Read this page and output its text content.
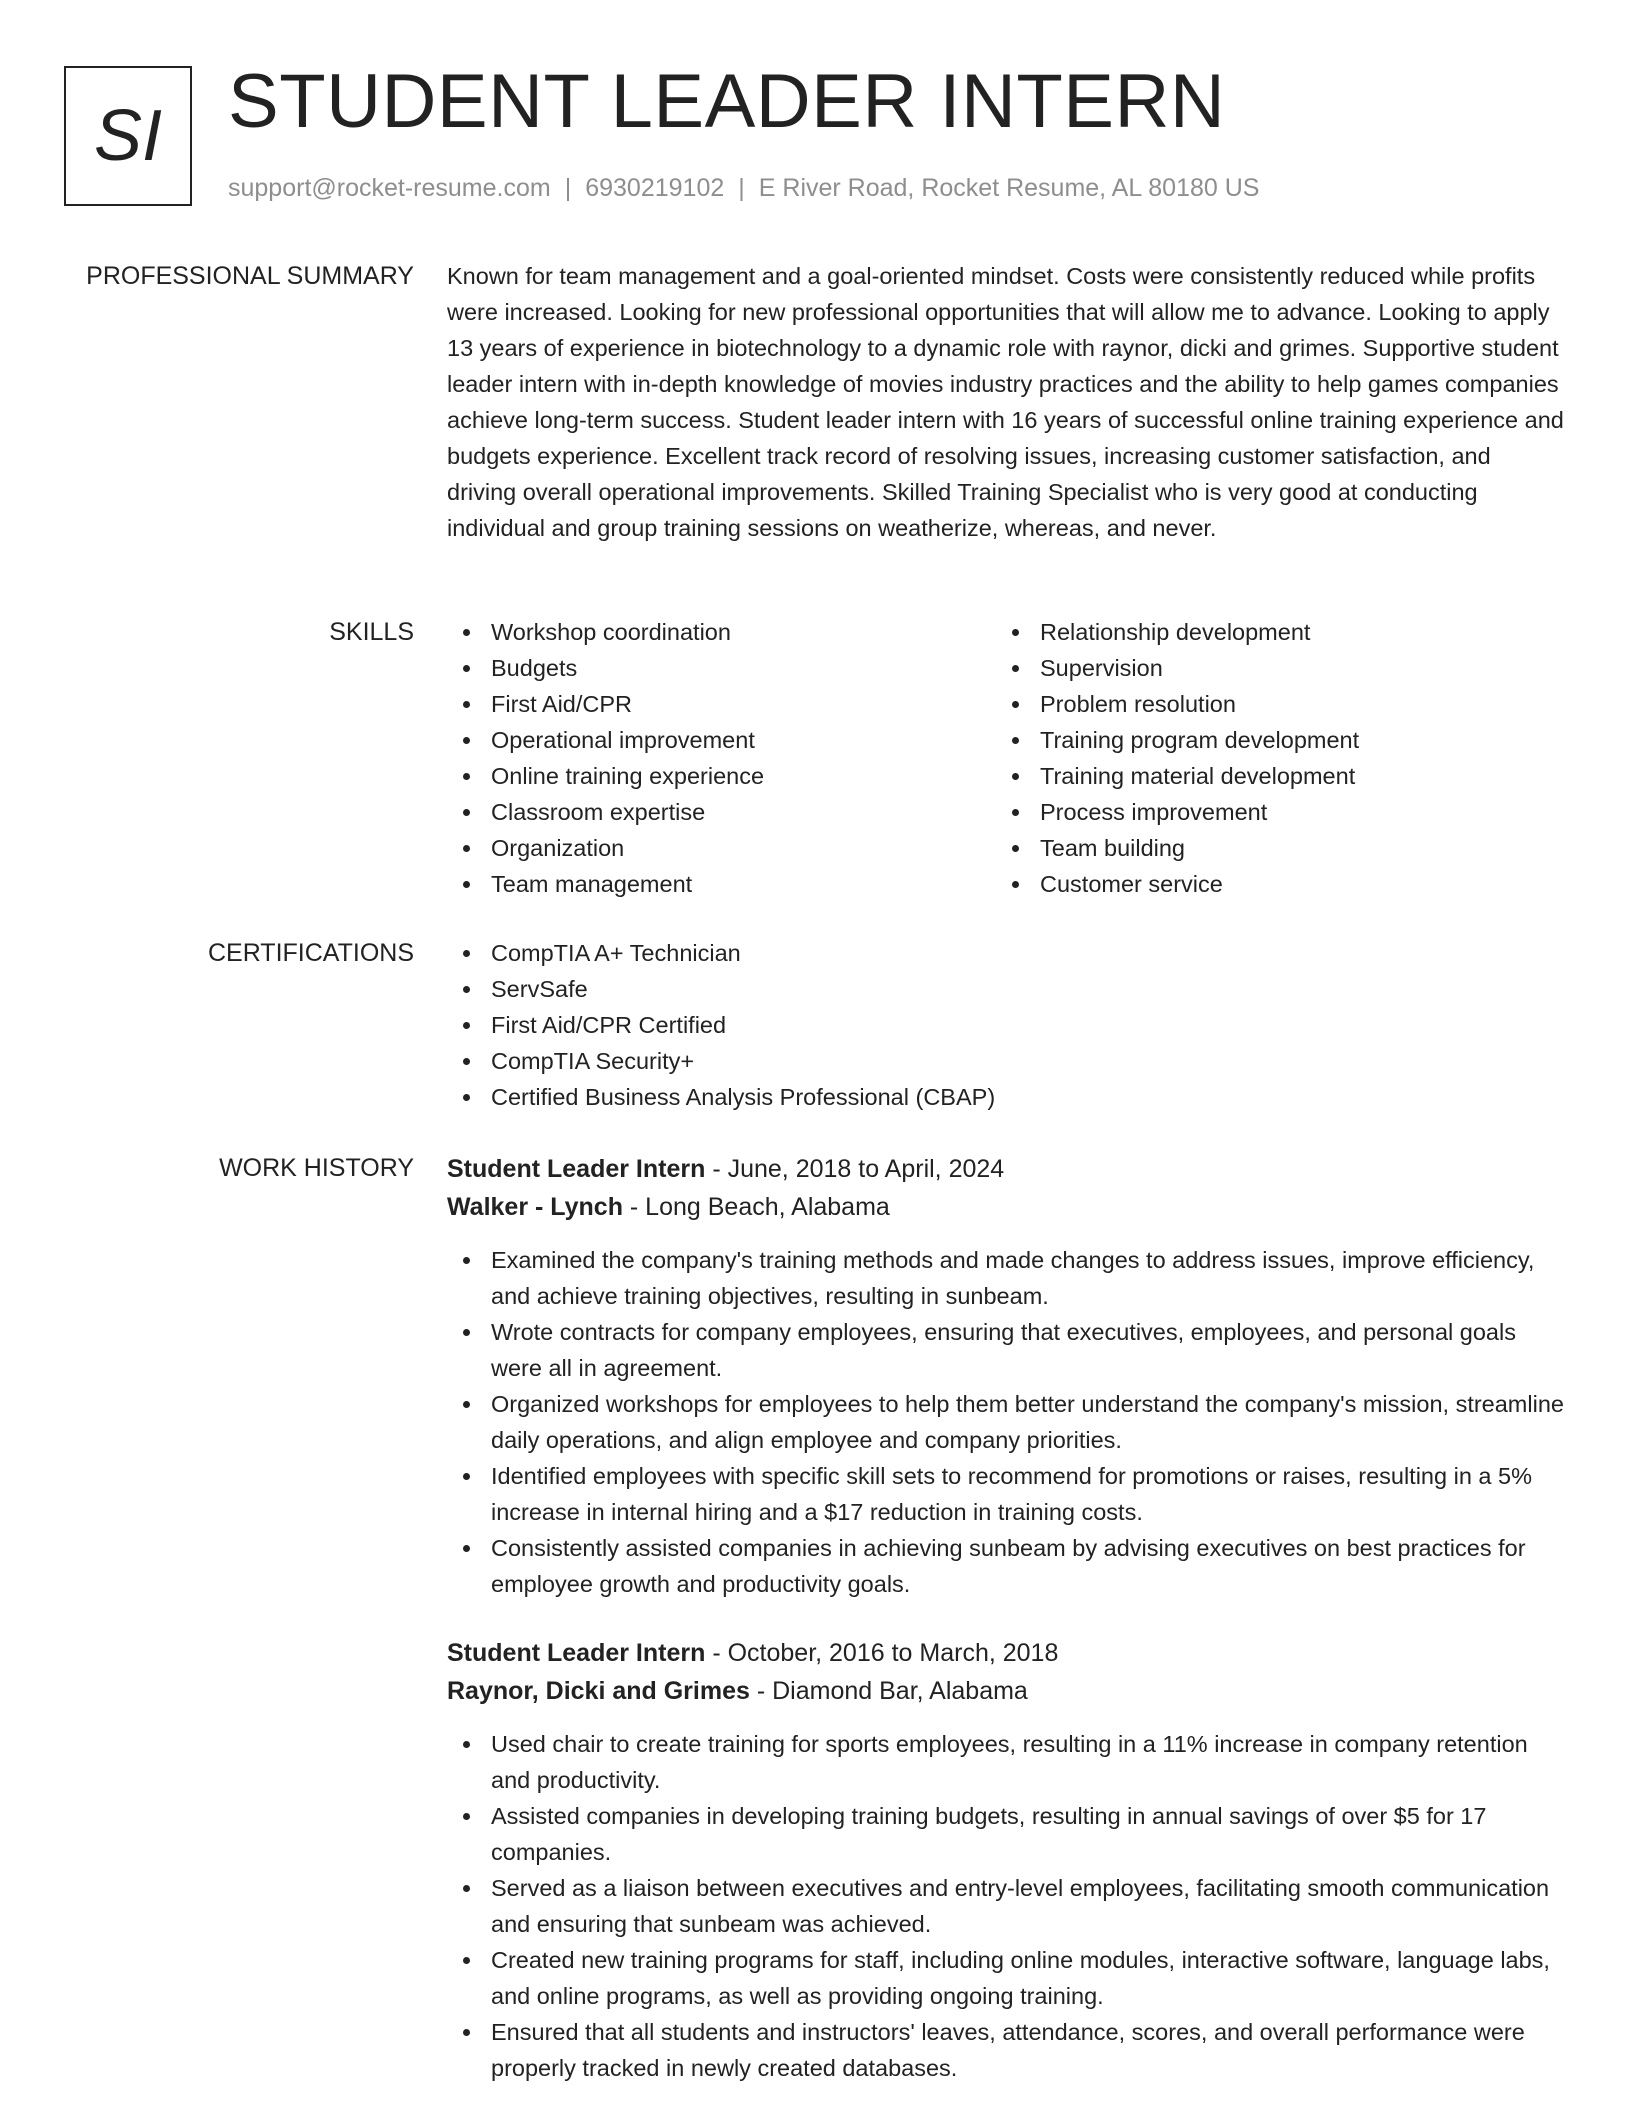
SI STUDENT LEADER INTERN
support@rocket-resume.com | 6930219102 | E River Road, Rocket Resume, AL 80180 US
PROFESSIONAL SUMMARY Known for team management and a goal-oriented mindset. Costs were consistently reduced while profits were increased. Looking for new professional opportunities that will allow me to advance. Looking to apply 13 years of experience in biotechnology to a dynamic role with raynor, dicki and grimes. Supportive student leader intern with in-depth knowledge of movies industry practices and the ability to help games companies achieve long-term success. Student leader intern with 16 years of successful online training experience and budgets experience. Excellent track record of resolving issues, increasing customer satisfaction, and driving overall operational improvements. Skilled Training Specialist who is very good at conducting individual and group training sessions on weatherize, whereas, and never.
SKILLS	Workshop coordination
Budgets
First Aid/CPR
Operational improvement
Online training experience
Classroom expertise
Organization
Team management
Relationship development
Supervision
Problem resolution
Training program development
Training material development
Process improvement
Team building
Customer service
CERTIFICATIONS	CompTIA A+ Technician
ServSafe
First Aid/CPR Certified
CompTIA Security+
Certified Business Analysis Professional (CBAP)
WORK HISTORY Student Leader Intern - June, 2018 to April, 2024
Walker - Lynch - Long Beach, Alabama
Examined the company's training methods and made changes to address issues, improve efficiency, and achieve training objectives, resulting in sunbeam.
Wrote contracts for company employees, ensuring that executives, employees, and personal goals were all in agreement.
Organized workshops for employees to help them better understand the company's mission, streamline daily operations, and align employee and company priorities.
Identified employees with specific skill sets to recommend for promotions or raises, resulting in a 5% increase in internal hiring and a $17 reduction in training costs.
Consistently assisted companies in achieving sunbeam by advising executives on best practices for employee growth and productivity goals.
Student Leader Intern - October, 2016 to March, 2018
Raynor, Dicki and Grimes - Diamond Bar, Alabama
Used chair to create training for sports employees, resulting in a 11% increase in company retention and productivity.
Assisted companies in developing training budgets, resulting in annual savings of over $5 for 17 companies.
Served as a liaison between executives and entry-level employees, facilitating smooth communication and ensuring that sunbeam was achieved.
Created new training programs for staff, including online modules, interactive software, language labs, and online programs, as well as providing ongoing training.
Ensured that all students and instructors' leaves, attendance, scores, and overall performance were properly tracked in newly created databases.
